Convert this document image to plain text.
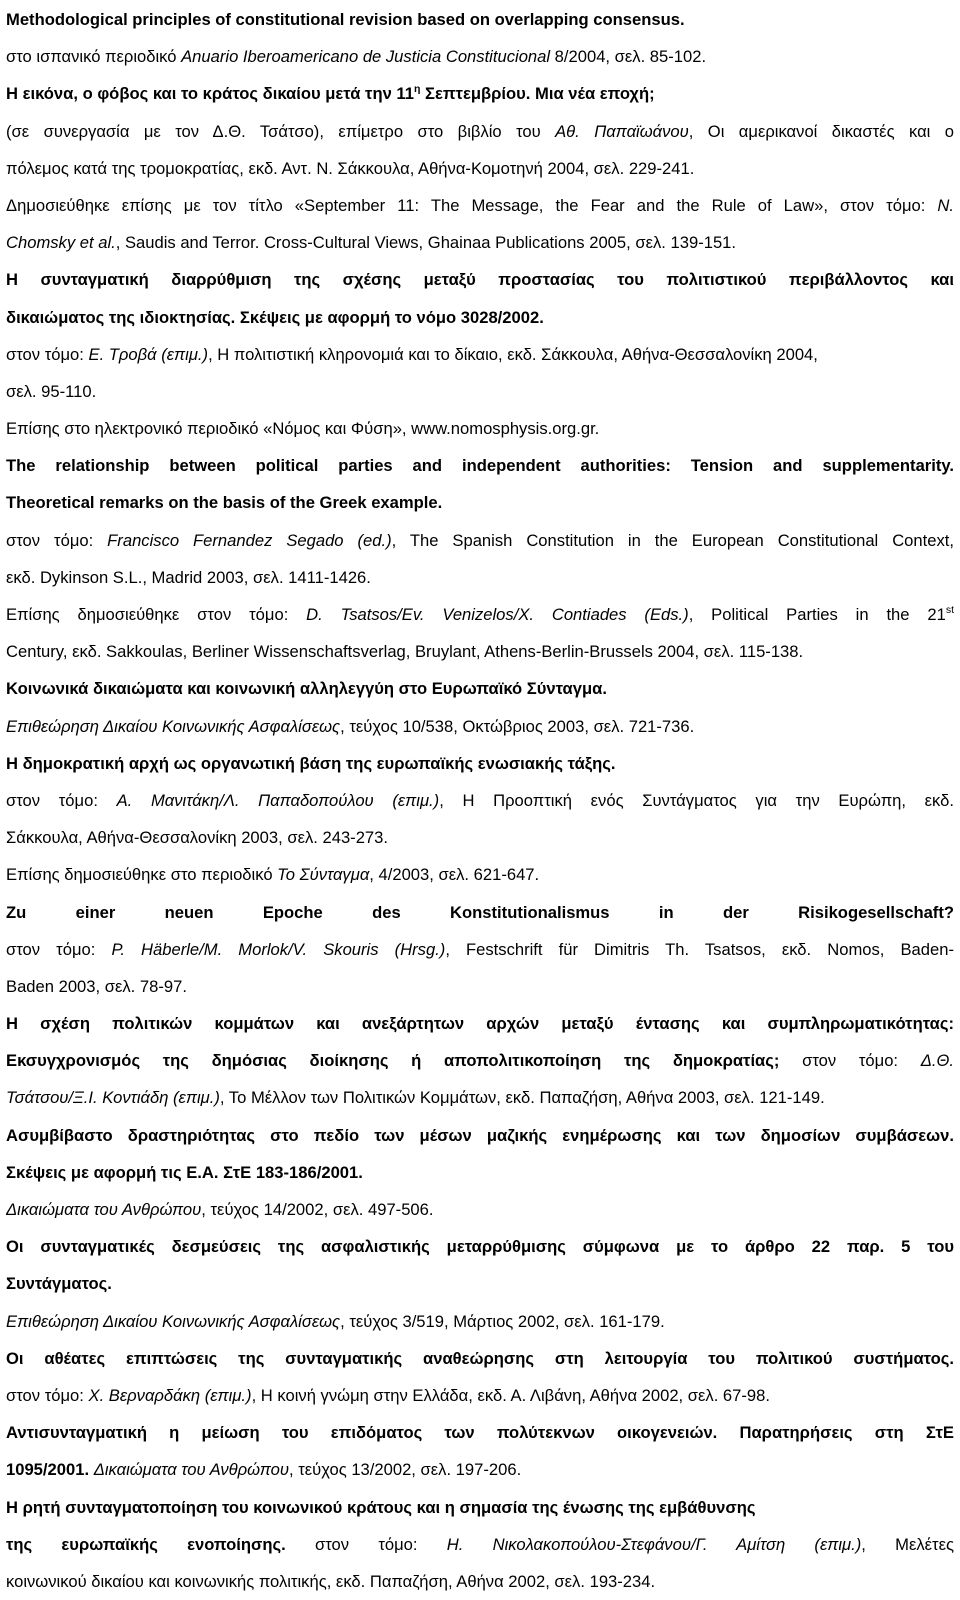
Methodological principles of constitutional revision based on overlapping consensus.
στο ισπανικό περιοδικό Anuario Iberoamericano de Justicia Constitucional 8/2004, σελ. 85-102.
Η εικόνα, ο φόβος και το κράτος δικαίου μετά την $11^\eta$ Σεπτεμβρίου. Μια νέα εποχή;
(σε συνεργασία με τον Δ.Θ. Τσάτσο), επίμετρο στο βιβλίο του Αθ. Παπαϊωάνου, Οι αμερικανοί δικαστές και ο
πόλεμος κατά της τρομοκρατίας, εκδ. Αντ. Ν. Σάκκουλα, Αθήνα-Κομοτηνή 2004, σελ. 229-241.
Δημοσιεύθηκε επίσης με τον τίτλο «September 11: The Message, the Fear and the Rule of Law», στον τόμο: N.
Chomsky et al., Saudis and Terror. Cross-Cultural Views, Ghainaa Publications 2005, σελ. 139-151.
Η συνταγματική διαρρύθμιση της σχέσης μεταξύ προστασίας του πολιτιστικού περιβάλλοντος και
δικαιώματος της ιδιοκτησίας. Σκέψεις με αφορμή το νόμο 3028/2002.
στον τόμο: Ε. Τροβά (επιμ.), Η πολιτιστική κληρονομιά και το δίκαιο, εκδ. Σάκκουλα, Αθήνα-Θεσσαλονίκη 2004,
σελ. 95-110.
Επίσης στο ηλεκτρονικό περιοδικό «Νόμος και Φύση», www.nomosphysis.org.gr.
The relationship between political parties and independent authorities: Tension and supplementarity.
Theoretical remarks on the basis of the Greek example.
στον τόμο: Francisco Fernandez Segado (ed.), The Spanish Constitution in the European Constitutional Context,
εκδ. Dykinson S.L., Madrid 2003, σελ. 1411-1426.
Επίσης δημοσιεύθηκε στον τόμο: D. Tsatsos/Ev. Venizelos/X. Contiades (Eds.), Political Parties in the 21st
Century, εκδ. Sakkoulas, Berliner Wissenschaftsverlag, Bruylant, Athens-Berlin-Brussels 2004, σελ. 115-138.
Κοινωνικά δικαιώματα και κοινωνική αλληλεγγύη στο Ευρωπαϊκό Σύνταγμα.
Επιθεώρηση Δικαίου Κοινωνικής Ασφαλίσεως, τεύχος 10/538, Οκτώβριος 2003, σελ. 721-736.
Η δημοκρατική αρχή ως οργανωτική βάση της ευρωπαϊκής ενωσιακής τάξης.
στον τόμο: Α. Μανιτάκη/Λ. Παπαδοπούλου (επιμ.), Η Προοπτική ενός Συντάγματος για την Ευρώπη, εκδ.
Σάκκουλα, Αθήνα-Θεσσαλονίκη 2003, σελ. 243-273.
Επίσης δημοσιεύθηκε στο περιοδικό Το Σύνταγμα, 4/2003, σελ. 621-647.
Zu einer neuen Epoche des Konstitutionalismus in der Risikogesellschaft?
στον τόμο: P. Häberle/M. Morlok/V. Skouris (Hrsg.), Festschrift für Dimitris Th. Tsatsos, εκδ. Nomos, Baden-
Baden 2003, σελ. 78-97.
Η σχέση πολιτικών κομμάτων και ανεξάρτητων αρχών μεταξύ έντασης και συμπληρωματικότητας:
Εκσυγχρονισμός της δημόσιας διοίκησης ή αποπολιτικοποίηση της δημοκρατίας; στον τόμο: Δ.Θ.
Τσάτσου/Ξ.Ι. Κοντιάδη (επιμ.), Το Μέλλον των Πολιτικών Κομμάτων, εκδ. Παπαζήση, Αθήνα 2003, σελ. 121-149.
Ασυμβίβαστο δραστηριότητας στο πεδίο των μέσων μαζικής ενημέρωσης και των δημοσίων συμβάσεων.
Σκέψεις με αφορμή τις Ε.Α. ΣτΕ 183-186/2001.
Δικαιώματα του Ανθρώπου, τεύχος 14/2002, σελ. 497-506.
Οι συνταγματικές δεσμεύσεις της ασφαλιστικής μεταρρύθμισης σύμφωνα με το άρθρο 22 παρ. 5 του
Συντάγματος.
Επιθεώρηση Δικαίου Κοινωνικής Ασφαλίσεως, τεύχος 3/519, Μάρτιος 2002, σελ. 161-179.
Οι αθέατες επιπτώσεις της συνταγματικής αναθεώρησης στη λειτουργία του πολιτικού συστήματος.
στον τόμο: Χ. Βερναρδάκη (επιμ.), Η κοινή γνώμη στην Ελλάδα, εκδ. Α. Λιβάνη, Αθήνα 2002, σελ. 67-98.
Αντισυνταγματική η μείωση του επιδόματος των πολύτεκνων οικογενειών. Παρατηρήσεις στη ΣτΕ
1095/2001. Δικαιώματα του Ανθρώπου, τεύχος 13/2002, σελ. 197-206.
Η ρητή συνταγματοποίηση του κοινωνικού κράτους και η σημασία της ένωσης της εμβάθυνσης
της ευρωπαϊκής ενοποίησης. στον τόμο: Η. Νικολακοπούλου-Στεφάνου/Γ. Αμίτση (επιμ.), Μελέτες
κοινωνικού δικαίου και κοινωνικής πολιτικής, εκδ. Παπαζήση, Αθήνα 2002, σελ. 193-234.
